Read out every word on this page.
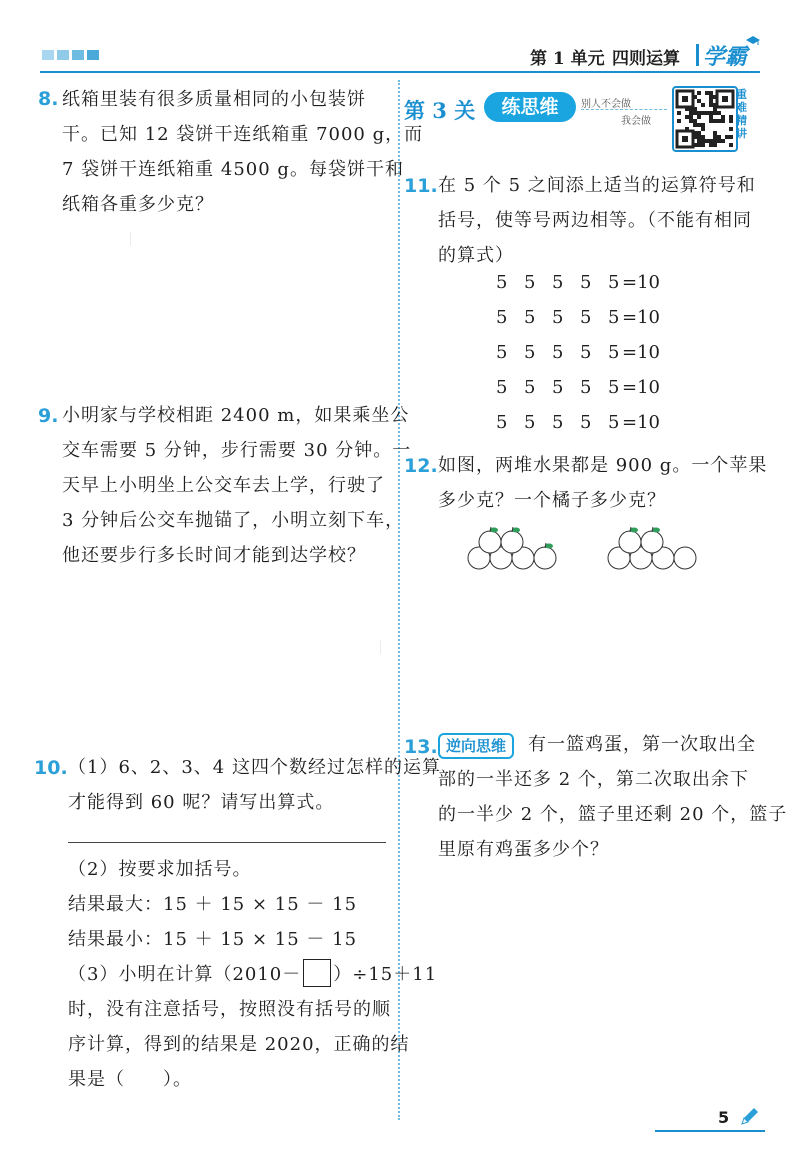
第 1 单元 四则运算 学霸
8. 纸箱里装有很多质量相同的小包装饼
干。已知 12 袋饼干连纸箱重 7000 g，而
7 袋饼干连纸箱重 4500 g。每袋饼干和
纸箱各重多少克？
9. 小明家与学校相距 2400 m，如果乘坐公
交车需要 5 分钟，步行需要 30 分钟。一
天早上小明坐上公交车去上学，行驶了
3 分钟后公交车抛锚了，小明立刻下车，
他还要步行多长时间才能到达学校？
10. （1）6、2、3、4 这四个数经过怎样的运算
才能得到 60 呢？请写出算式。
（2）按要求加括号。
结果最大：15 ＋ 15 × 15 － 15
结果最小：15 ＋ 15 × 15 － 15
（3）小明在计算（2010－ ）÷15＋11
时，没有注意括号，按照没有括号的顺
序计算，得到的结果是 2020，正确的结
果是（　　）。
第 3 关	练思维	别人不会做
我会做
重难精讲
11. 在 5 个 5 之间添上适当的运算符号和
括号，使等号两边相等。（不能有相同
的算式）
5 5 5 5 5 =10
5 5 5 5 5 =10
5 5 5 5 5 =10
5 5 5 5 5 =10
5 5 5 5 5 =10
12. 如图，两堆水果都是 900 g。一个苹果
多少克？一个橘子多少克？
13. 逆向思维	有一篮鸡蛋，第一次取出全
部的一半还多 2 个，第二次取出余下
的一半少 2 个，篮子里还剩 20 个，篮子
里原有鸡蛋多少个？
5
